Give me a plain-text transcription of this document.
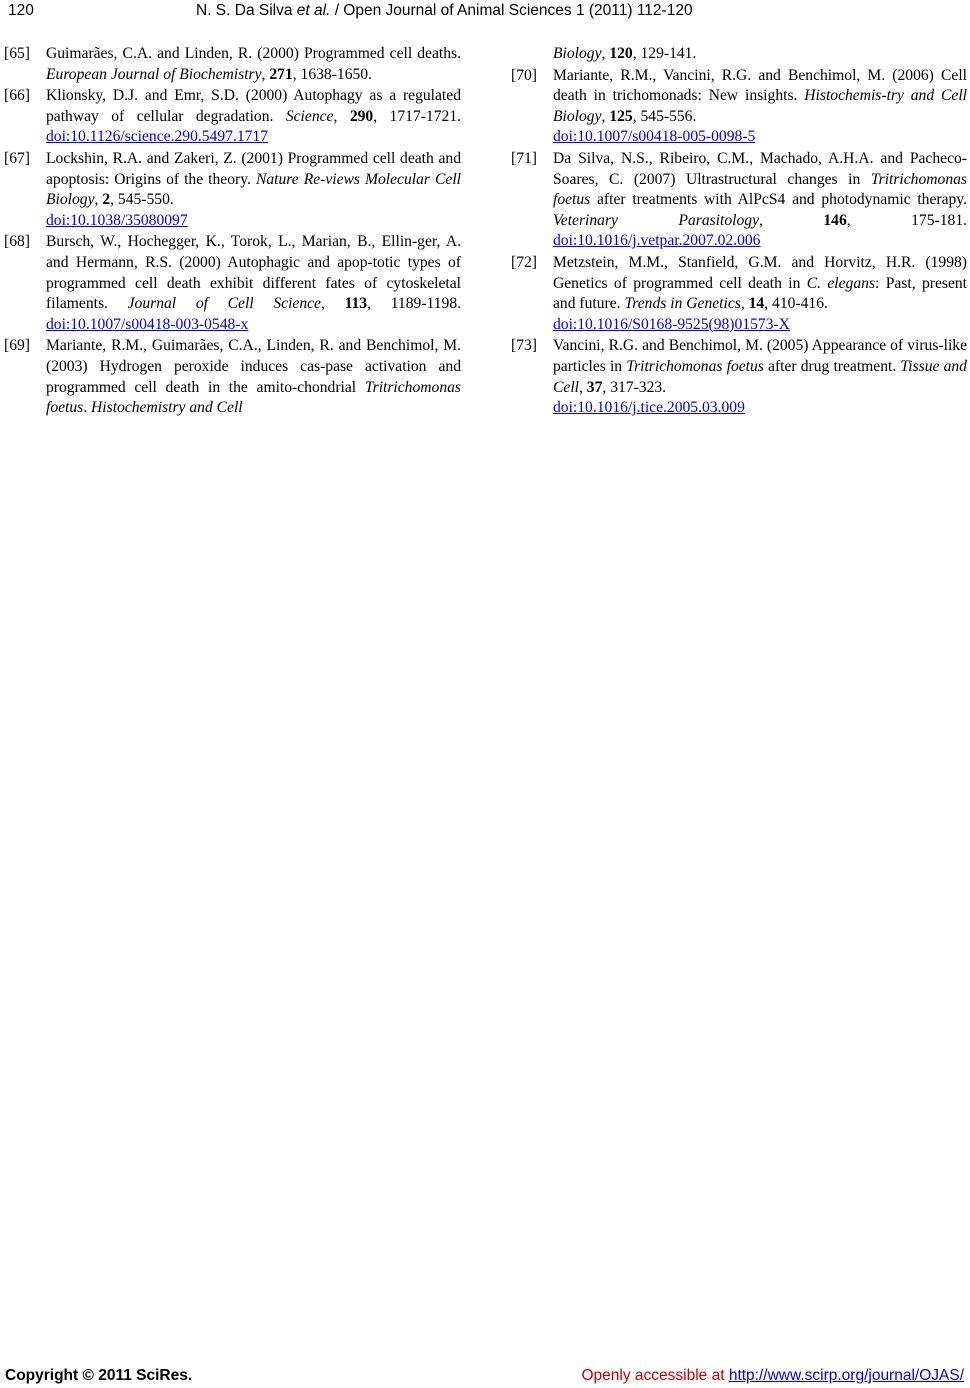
120	N. S. Da Silva et al. / Open Journal of Animal Sciences 1 (2011) 112-120

[65] Guimarães, C.A. and Linden, R. (2000) Programmed cell deaths. European Journal of Biochemistry, 271, 1638-1650.

[66] Klionsky, D.J. and Emr, S.D. (2000) Autophagy as a regulated pathway of cellular degradation. Science, 290, 1717-1721. doi:10.1126/science.290.5497.1717

[67] Lockshin, R.A. and Zakeri, Z. (2001) Programmed cell death and apoptosis: Origins of the theory. Nature Re-views Molecular Cell Biology, 2, 545-550.
doi:10.1038/35080097

[68] Bursch, W., Hochegger, K., Torok, L., Marian, B., Ellin-ger, A. and Hermann, R.S. (2000) Autophagic and apop-totic types of programmed cell death exhibit different fates of cytoskeletal filaments. Journal of Cell Science, 113, 1189-1198. doi:10.1007/s00418-003-0548-x

[69] Mariante, R.M., Guimarães, C.A., Linden, R. and Benchimol, M. (2003) Hydrogen peroxide induces cas-pase activation and programmed cell death in the amito-chondrial Tritrichomonas foetus. Histochemistry and Cell

Biology, 120, 129-141.

[70] Mariante, R.M., Vancini, R.G. and Benchimol, M. (2006) Cell death in trichomonads: New insights. Histochemis-try and Cell Biology, 125, 545-556.
doi:10.1007/s00418-005-0098-5

[71] Da Silva, N.S., Ribeiro, C.M., Machado, A.H.A. and Pacheco-Soares, C. (2007) Ultrastructural changes in Tritrichomonas foetus after treatments with AlPcS4 and photodynamic therapy. Veterinary Parasitology, 146, 175-181. doi:10.1016/j.vetpar.2007.02.006

[72] Metzstein, M.M., Stanfield, G.M. and Horvitz, H.R. (1998) Genetics of programmed cell death in C. elegans: Past, present and future. Trends in Genetics, 14, 410-416.
doi:10.1016/S0168-9525(98)01573-X

[73] Vancini, R.G. and Benchimol, M. (2005) Appearance of virus-like particles in Tritrichomonas foetus after drug treatment. Tissue and Cell, 37, 317-323.
doi:10.1016/j.tice.2005.03.009

Copyright © 2011 SciRes.	Openly accessible at http://www.scirp.org/journal/OJAS/
